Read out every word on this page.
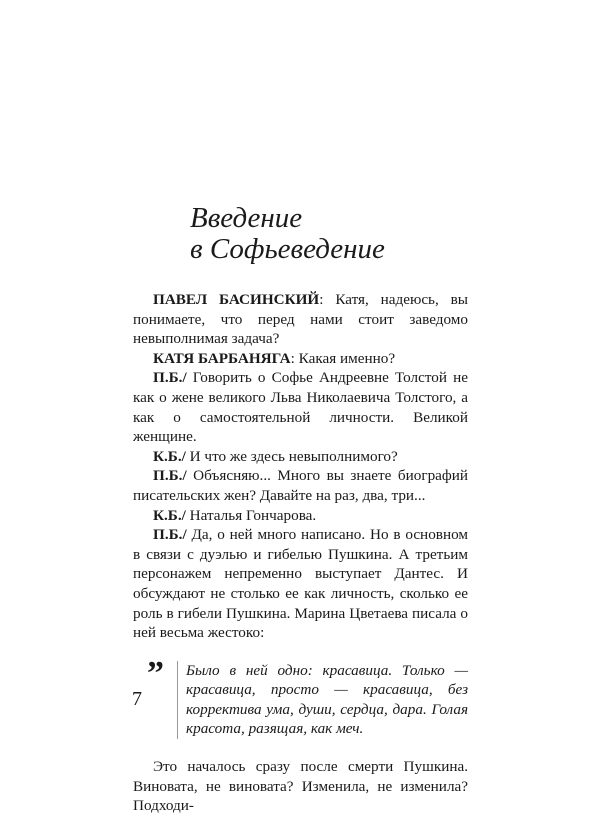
Введение
в Софьеведение

ПАВЕЛ БАСИНСКИЙ: Катя, надеюсь, вы понимаете, что перед нами стоит заведомо невыполнимая задача?

КАТЯ БАРБАНЯГА: Какая именно?

П.Б./ Говорить о Софье Андреевне Толстой не как о жене великого Льва Николаевича Толстого, а как о самостоятельной личности. Великой женщине.

К.Б./ И что же здесь невыполнимого?

П.Б./ Объясняю... Много вы знаете биографий писательских жен? Давайте на раз, два, три...

К.Б./ Наталья Гончарова.

П.Б./ Да, о ней много написано. Но в основном в связи с дуэлью и гибелью Пушкина. А третьим персонажем непременно выступает Дантес. И обсуждают не столько ее как личность, сколько ее роль в гибели Пушкина. Марина Цветаева писала о ней весьма жестоко:

”	Было в ней одно: красавица. Только — красавица, просто — красавица, без корректива ума, души, сердца, дара. Голая красота, разящая, как меч.

Это началось сразу после смерти Пушкина. Виновата, не виновата? Изменила, не изменила? Подходи-

7
